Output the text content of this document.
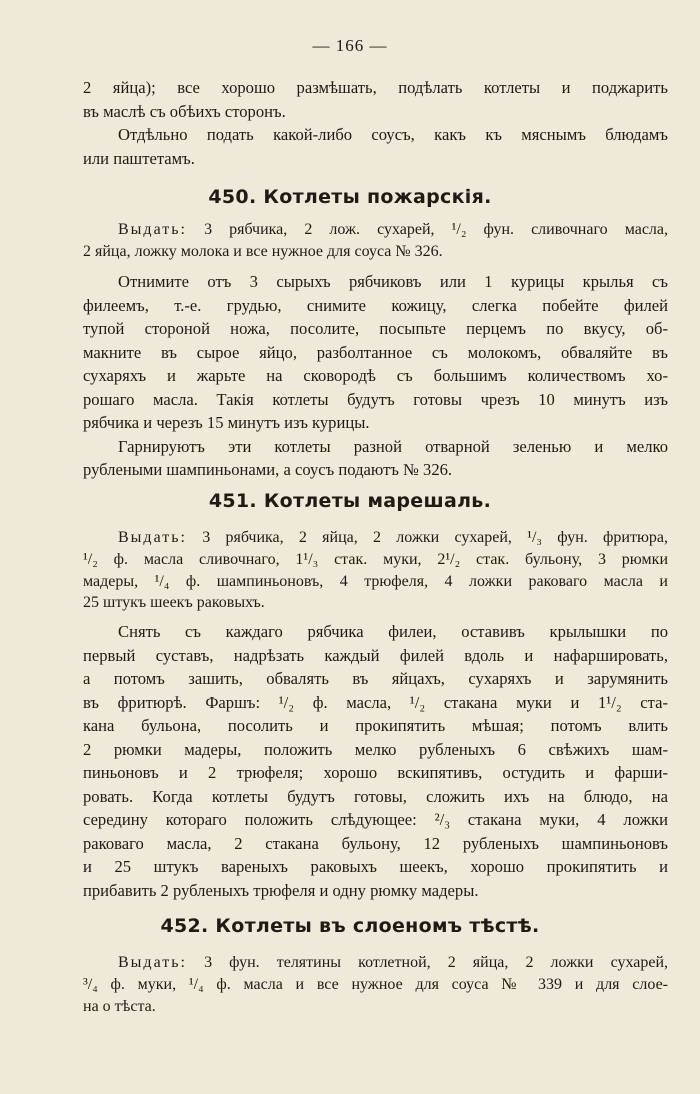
— 166 —
2 яйца); все хорошо размѣшать, подѣлать котлеты и поджарить
въ маслѣ съ обѣихъ сторонъ.
Отдѣльно подать какой-либо соусъ, какъ къ мяснымъ блюдамъ
или паштетамъ.
450. Котлеты пожарскія.
Выдать: 3 рябчика, 2 лож. сухарей, ¹/₂ фун. сливочнаго масла,
2 яйца, ложку молока и все нужное для соуса № 326.
Отнимите отъ 3 сырыхъ рябчиковъ или 1 курицы крылья съ
филеемъ, т.-е. грудью, снимите кожицу, слегка побейте филей
тупой стороной ножа, посолите, посыпьте перцемъ по вкусу, об-
макните въ сырое яйцо, разболтанное съ молокомъ, обваляйте въ
сухаряхъ и жарьте на сковородѣ съ большимъ количествомъ хо-
рошаго масла. Такія котлеты будутъ готовы чрезъ 10 минутъ изъ
рябчика и черезъ 15 минутъ изъ курицы.
Гарнируютъ эти котлеты разной отварной зеленью и мелко
рублеными шампиньонами, а соусъ подаютъ № 326.
451. Котлеты марешаль.
Выдать: 3 рябчика, 2 яйца, 2 ложки сухарей, ¹/₃ фун. фритюра,
¹/₂ ф. масла сливочнаго, 1¹/₃ стак. муки, 2¹/₂ стак. бульону, 3 рюмки
мадеры, ¹/₄ ф. шампиньоновъ, 4 трюфеля, 4 ложки раковаго масла и
25 штукъ шеекъ раковыхъ.
Снять съ каждаго рябчика филеи, оставивъ крылышки по
первый суставъ, надрѣзать каждый филей вдоль и нафаршировать,
а потомъ зашить, обвалять въ яйцахъ, сухаряхъ и зарумянить
въ фритюрѣ. Фаршъ: ¹/₂ ф. масла, ¹/₂ стакана муки и 1¹/₂ ста-
кана бульона, посолить и прокипятить мѣшая; потомъ влить
2 рюмки мадеры, положить мелко рубленыхъ 6 свѣжихъ шам-
пиньоновъ и 2 трюфеля; хорошо вскипятивъ, остудить и фарши-
ровать. Когда котлеты будутъ готовы, сложить ихъ на блюдо, на
середину котораго положить слѣдующее: ²/₃ стакана муки, 4 ложки
раковаго масла, 2 стакана бульону, 12 рубленыхъ шампиньоновъ
и 25 штукъ вареныхъ раковыхъ шеекъ, хорошо прокипятить и
прибавить 2 рубленыхъ трюфеля и одну рюмку мадеры.
452. Котлеты въ слоеномъ тѣстѣ.
Выдать: 3 фун. телятины котлетной, 2 яйца, 2 ложки сухарей,
³/₄ ф. муки, ¹/₄ ф. масла и все нужное для соуса № 339 и для слое-
на о тѣста.
